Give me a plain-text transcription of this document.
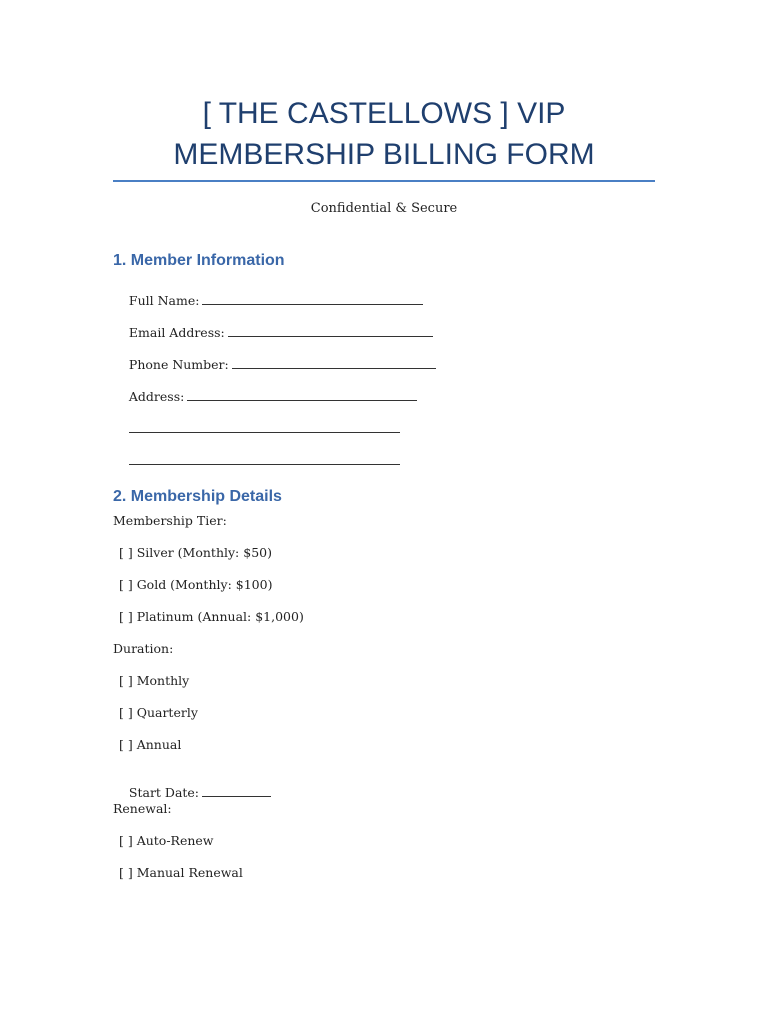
[ THE CASTELLOWS ] VIP MEMBERSHIP BILLING FORM
Confidential & Secure
1. Member Information

Full Name:

Email Address:

Phone Number:

Address:

2. Membership Details
Membership Tier:
[ ] Silver (Monthly: $50)
[ ] Gold (Monthly: $100)
[ ] Platinum (Annual: $1,000)
Duration:
[ ] Monthly
[ ] Quarterly
[ ] Annual

Start Date:

Renewal:
[ ] Auto-Renew
[ ] Manual Renewal
